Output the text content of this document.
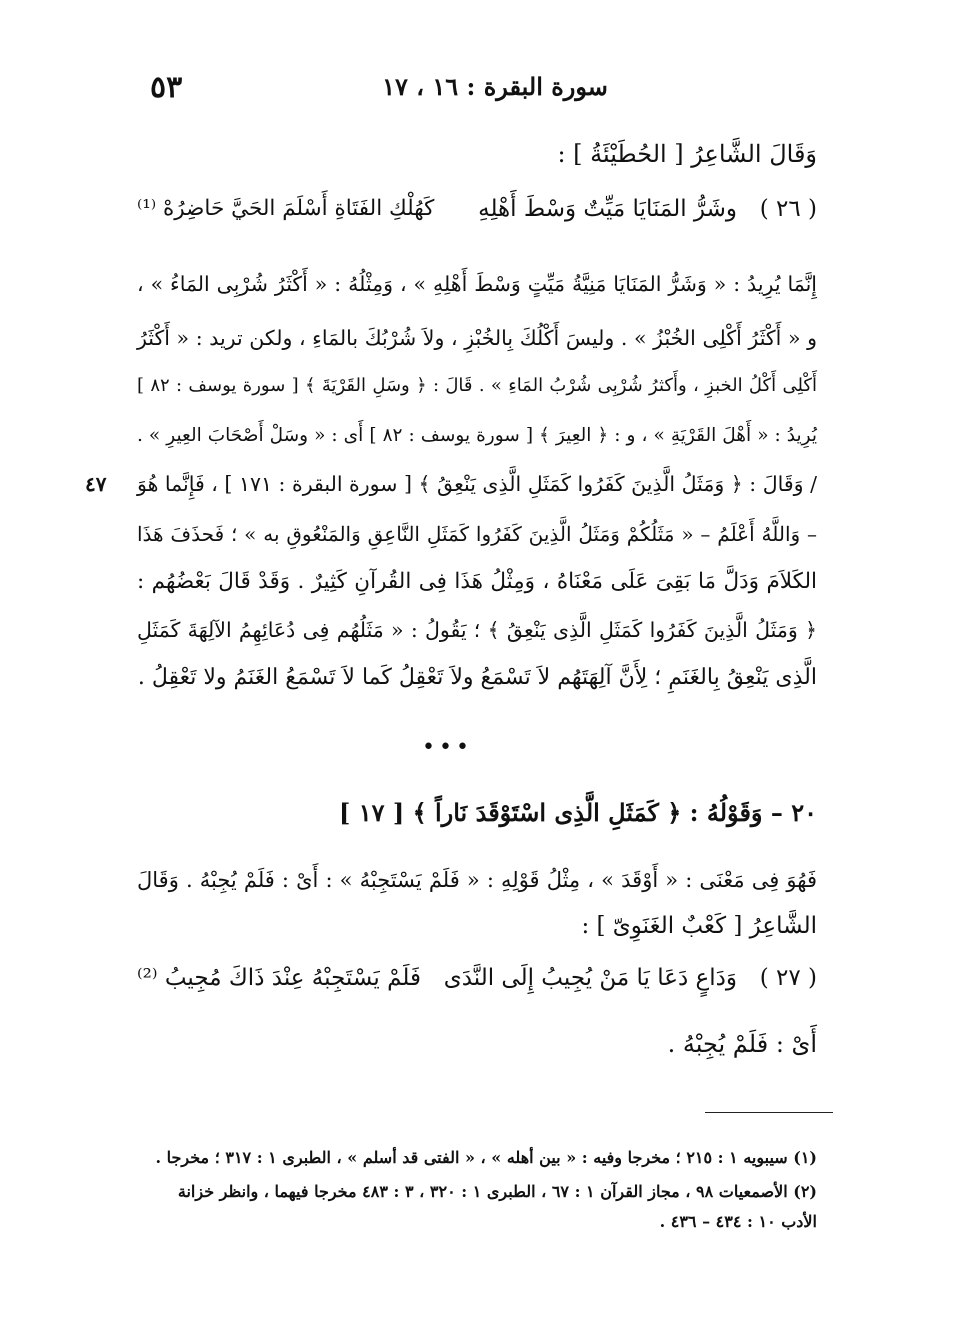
٥٣	سورة البقرة : ١٦ ، ١٧
وَقَالَ الشَّاعِرُ [ الحُطَيْئَةُ ] :
( ٢٦ )
وشَرُّ المَنَايَا مَيِّتٌ وَسْطَ أَهْلِهِ
كَهُلْكِ الفَتَاةِ أَسْلَمَ الحَيَّ حَاضِرُهْ ⁽¹⁾
إِنَّمَا يُرِيدُ : « وَشَرُّ المَنَايَا مَنِيَّةُ مَيِّتٍ وَسْطَ أَهْلِهِ » ، وَمِثْلُهُ : « أَكْثَرُ شُرْبِى المَاءُ » ،
و « أَكْثَرُ أَكْلِى الخُبْزُ » . وليسَ أَكْلُكَ بِالخُبْزِ ، ولاَ شُرْبُكَ بالمَاءِ ، ولكن تريد : « أَكْثَرُ
أَكْلِى أَكْلُ الخبزِ ، وأَكثرُ شُرْبِى شُرْبُ المَاءِ » . قَالَ : ﴿ وسَلِ القَرْيَةَ ﴾ [ سورة يوسف : ٨٢ ]
يُرِيدُ : « أَهْلَ القَرْيَةِ » ، و : ﴿ العِيرَ ﴾ [ سورة يوسف : ٨٢ ] أَى : « وسَلْ أَصْحَابَ العِيرِ » .
/ وَقَالَ : ﴿ وَمَثَلُ الَّذِينَ كَفَرُوا كَمَثَلِ الَّذِى يَنْعِقُ ﴾ [ سورة البقرة : ١٧١ ] ، فَإِنَّما هُوَ
٤٧
– وَاللَّهُ أَعْلَمُ – « مَثَلُكُمْ وَمَثَلُ الَّذِينَ كَفَرُوا كَمَثَلِ النَّاعِقِ وَالمَنْعُوقِ به » ؛ فَحذَفَ هَذَا
الكَلاَمَ وَدَلَّ مَا بَقِىَ عَلَى مَعْنَاهُ ، وَمِثْلُ هَذَا فِى القُرآنِ كَثِيرٌ . وَقَدْ قَالَ بَعْضُهُم :
﴿ وَمَثَلُ الَّذِينَ كَفَرُوا كَمَثَلِ الَّذِى يَنْعِقُ ﴾ ؛ يَقُولُ : « مَثَلُهُم فِى دُعَائِهِمُ الآلِهَةَ كَمَثَلِ
الَّذِى يَنْعِقُ بِالغَنَمِ ؛ لِأَنَّ آلِهَتَهُم لاَ تَسْمَعُ ولاَ تَعْقِلُ كَما لاَ تَسْمَعُ الغَنَمُ ولا تَعْقِلُ .
•••
٢٠ – وَقَوْلُهُ : ﴿ كَمَثَلِ الَّذِى اسْتَوْقَدَ نَاراً ﴾ [ ١٧ ]
فَهُوَ فِى مَعْنَى : « أَوْقَدَ » ، مِثْلُ قَوْلِهِ : « فَلَمْ يَسْتَجِبْهُ » : أَىْ : فَلَمْ يُجِبْهُ . وَقَالَ
الشَّاعِرُ [ كَعْبٌ الغَنَوِىّ ] :
( ٢٧ )
وَدَاعٍ دَعَا يَا مَنْ يُجِيبُ إِلَى النَّدَى
فَلَمْ يَسْتَجِبْهُ عِنْدَ ذَاكَ مُجِيبُ ⁽²⁾
أَىْ : فَلَمْ يُجِبْهُ .
(١) سيبويه ١ : ٢١٥ ؛ مخرجا وفيه : « بين أهله » ، « الفتى قد أسلم » ، الطبرى ١ : ٣١٧ ؛ مخرجا .
(٢) الأصمعيات ٩٨ ، مجاز القرآن ١ : ٦٧ ، الطبرى ١ : ٣٢٠ ، ٣ : ٤٨٣ مخرجا فيهما ، وانظر خزانة
الأدب ١٠ : ٤٣٤ – ٤٣٦ .
